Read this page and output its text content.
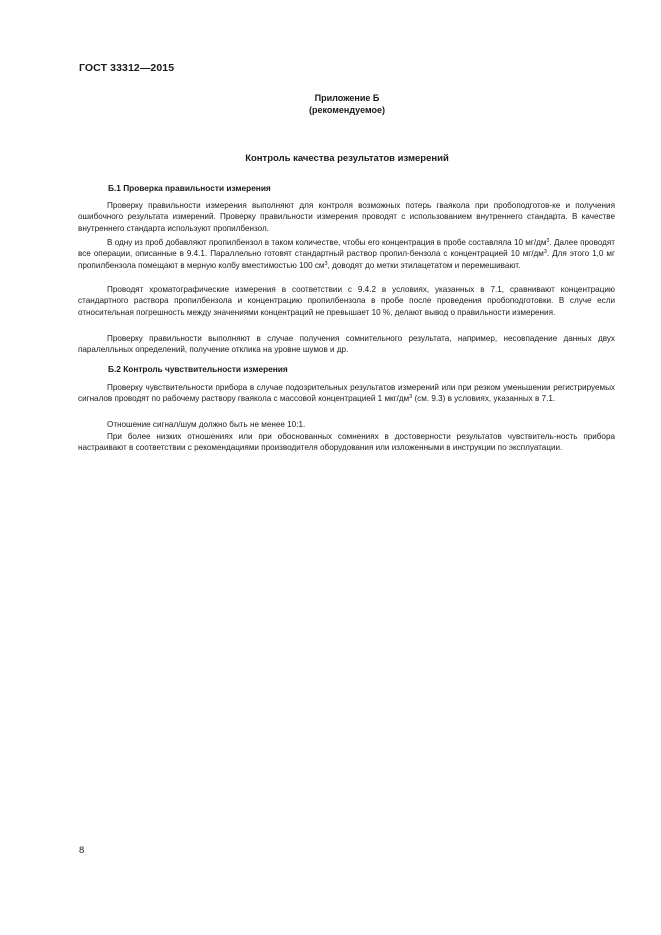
ГОСТ 33312—2015
Приложение Б
(рекомендуемое)
Контроль качества результатов измерений
Б.1 Проверка правильности измерения

Проверку правильности измерения выполняют для контроля возможных потерь гваякола при пробоподготов-ке и получения ошибочного результата измерений. Проверку правильности измерения проводят с использованием внутреннего стандарта. В качестве внутреннего стандарта используют пропилбензол.

В одну из проб добавляют пропилбензол в таком количестве, чтобы его концентрация в пробе составляла 10 $мг/дм^3$. Далее проводят все операции, описанные в 9.4.1. Параллельно готовят стандартный раствор пропил-бензола с концентрацией 10 $мг/дм^3$. Для этого 1,0 мг пропилбензола помещают в мерную колбу вместимостью 100 $см^3$, доводят до метки этилацетатом и перемешивают.

Проводят хроматографические измерения в соответствии с 9.4.2 в условиях, указанных в 7.1, сравнивают концентрацию стандартного раствора пропилбензола и концентрацию пропилбензола в пробе после проведения пробоподготовки. В случе если относительная погрешность между значениями концентраций не превышает 10 %, делают вывод о правильности измерения.

Проверку правильности выполняют в случае получения сомнительного результата, например, несовпадение данных двух паралелльных определений, получение отклика на уровне шумов и др.

Б.2 Контроль чувствительности измерения

Проверку чувствительности прибора в случае подозрительных результатов измерений или при резком уменьшении регистрируемых сигналов проводят по рабочему раствору гваякола с массовой концентрацией 1 мкг/$дм^3$ (см. 9.3) в условиях, указанных в 7.1.

Отношение сигнал/шум должно быть не менее 10:1.

При более низких отношениях или при обоснованных сомнениях в достоверности результатов чувствитель-ность прибора настраивают в соответствии с рекомендациями производителя оборудования или изложенными в инструкции по эксплуатации.

8
